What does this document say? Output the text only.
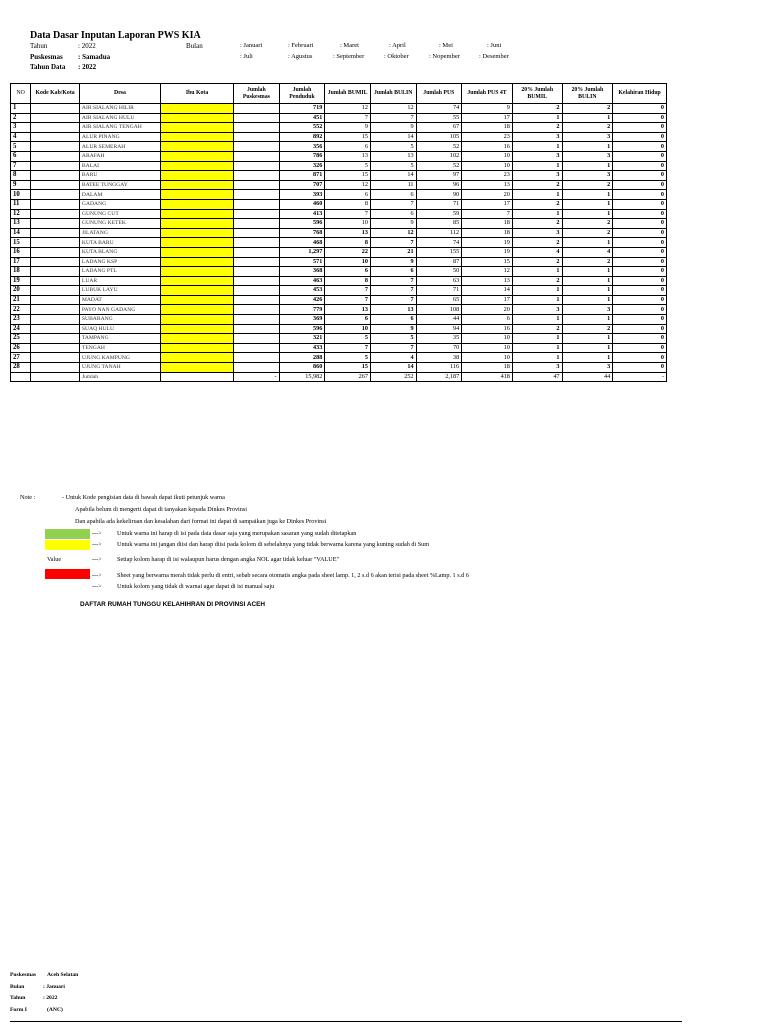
Data Dasar Inputan Laporan PWS KIA
Tahun	: 2022
Puskesmas : Samadua
Tahun Data : 2022
Bulan	: Januari	: Februari	: Maret	: April	: Mei	: Juni
: Juli	: Agustus	: September	: Oktober	: Nopember	: Desember
NO	Kode Kab/Kota	Desa	Ibu Kota	Jumlah Puskesmas	Jumlah Penduduk	Jumlah BUMIL	Jumlah BULIN	Jumlah PUS	Jumlah PUS 4T	20% Jumlah BUMIL	20% Jumlah BULIN	Kelahiran Hidup
1		AIR SIALANG HILIR			719	12	12	74	9	2	2	0
2		AIR SIALANG HULU			451	7	7	55	17	1	1	0
3		AIR SIALANG TENGAH			552	9	9	67	18	2	2	0
4		ALUR PINANG			892	15	14	105	23	3	3	0
5		ALUR SEMERAH			356	6	5	52	16	1	1	0
6		ARAFAH			786	13	13	102	10	3	3	0
7		BALAI			326	5	5	52	10	1	1	0
8		BARU			871	15	14	97	23	3	3	0
9		BATEE TUNGGAY			707	12	11	96	13	2	2	0
10		DALAM			393	6	6	90	20	1	1	0
11		GADANG			460	8	7	71	17	2	1	0
12		GUNUNG CUT			413	7	6	59	7	1	1	0
13		GUNUNG KETEK			596	10	9	85	18	2	2	0
14		JILATANG			768	13	12	112	18	3	2	0
15		KUTA BARU			468	8	7	74	19	2	1	0
16		KUTA BLANG			1,297	22	21	155	19	4	4	0
17		LADANG KSP			571	10	9	87	15	2	2	0
18		LADANG PTL			368	6	6	50	12	1	1	0
19		LUAR			463	8	7	63	13	2	1	0
20		LUBUK LAYU			453	7	7	71	14	1	1	0
21		MADAT			426	7	7	65	17	1	1	0
22		PAYO NAN GADANG			779	13	13	108	20	3	3	0
23		SUBARANG			369	6	6	44	6	1	1	0
24		SUAQ HULU			596	10	9	94	16	2	2	0
25		TAMPANG			321	5	5	35	10	1	1	0
26		TENGAH			433	7	7	70	10	1	1	0
27		UJUNG KAMPUNG			288	5	4	38	10	1	1	0
28		UJUNG TANAH			860	15	14	116	18	3	3	0
		Jumlah		-	15,982	267	252	2,187	418	47	44	-
Note :	- Untuk Kode pengisian data di bawah dapat ikuti petunjuk warna
Apabila belum di mengerti dapat di tanyakan kepada Dinkes Provinsi
Dan apabila ada kekeliruan dan kesalahan dari format ini dapat di sampaikan juga ke Dinkes Provinsi
---> Untuk warna ini harap di isi pada data dasar saja yang merupakan sasaran yang sudah ditetapkan
---> Untuk warna ini jangan diisi dan harap diisi pada kolom di sebelahnya yang tidak berwarna karena yang kuning sudah di Sum
Value	---> Setiap kolom harap di isi walaupun harus dengan angka NOL agar tidak keluar "VALUE"
---> Sheet yang berwarna merah tidak perlu di entri, sebab secara otomatis angka pada sheet lamp. 1, 2 s.d 6 akan terisi pada sheet %Lamp. 1 s.d 6
---> Untuk kolom yang tidak di warnai agar dapat di isi manual saju
DAFTAR RUMAH TUNGGU KELAHIHRAN DI PROVINSI ACEH
Puskesmas Aceh Selatan
Bulan	: Januari
Tahun	: 2022
Form I	(ANC)
